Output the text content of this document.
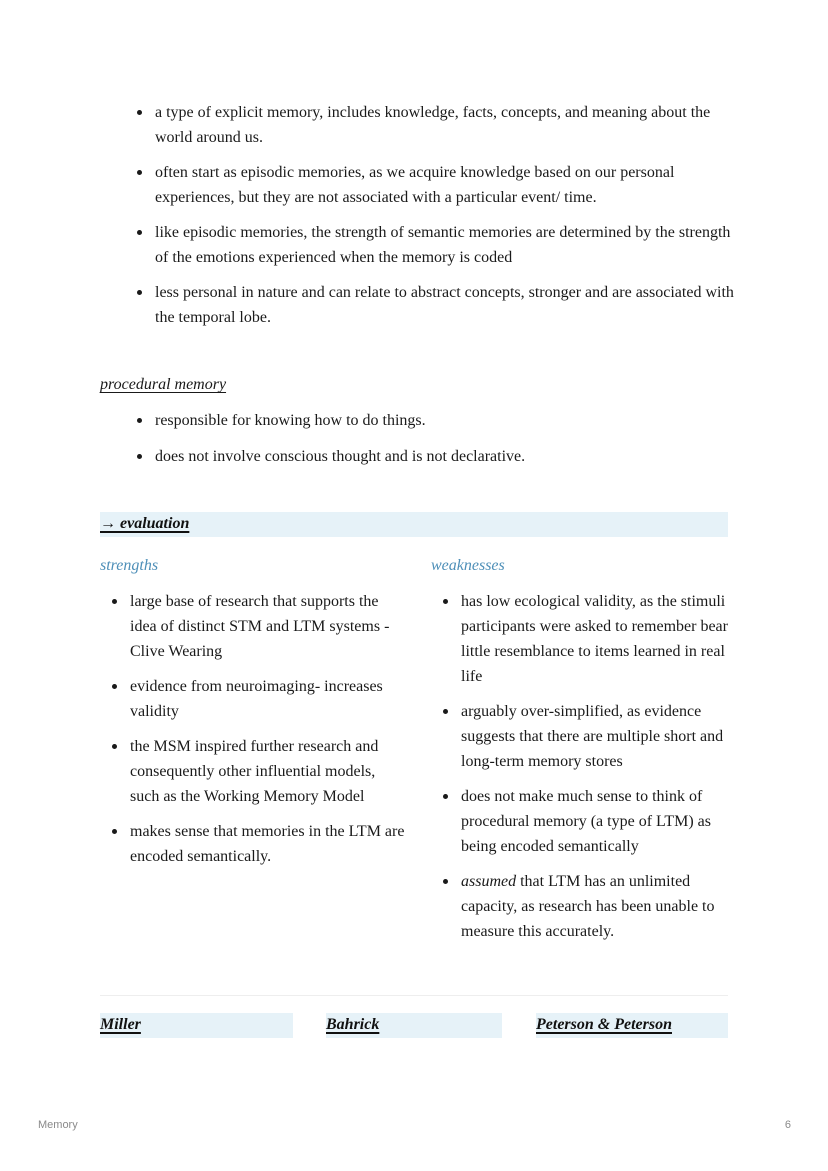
a type of explicit memory, includes knowledge, facts, concepts, and meaning about the world around us.
often start as episodic memories, as we acquire knowledge based on our personal experiences, but they are not associated with a particular event/ time.
like episodic memories, the strength of semantic memories are determined by the strength of the emotions experienced when the memory is coded
less personal in nature and can relate to abstract concepts, stronger and are associated with the temporal lobe.
procedural memory
responsible for knowing how to do things.
does not involve conscious thought and is not declarative.
→ evaluation
strengths	weaknesses
large base of research that supports the idea of distinct STM and LTM systems - Clive Wearing
evidence from neuroimaging- increases validity
the MSM inspired further research and consequently other influential models, such as the Working Memory Model
makes sense that memories in the LTM are encoded semantically.
has low ecological validity, as the stimuli participants were asked to remember bear little resemblance to items learned in real life
arguably over-simplified, as evidence suggests that there are multiple short and long-term memory stores
does not make much sense to think of procedural memory (a type of LTM) as being encoded semantically
assumed that LTM has an unlimited capacity, as research has been unable to measure this accurately.
Miller	Bahrick	Peterson & Peterson
Memory	6
